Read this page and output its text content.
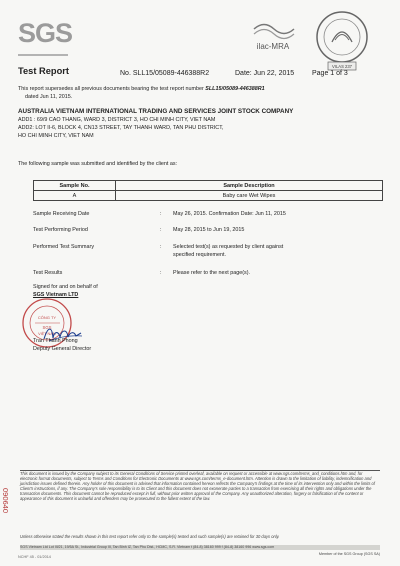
SGS	ilac-MRA
VILAS 237
Test Report	No. SLL15/05089-446388R2	Date: Jun 22, 2015	Page 1 of 3
This report supersedes all previous documents bearing the test report number SLL15/05089-446388R1
dated Jun 11, 2015.
AUSTRALIA VIETNAM INTERNATIONAL TRADING AND SERVICES JOINT STOCK COMPANY
ADD1 : 69/9 CAO THANG, WARD 3, DISTRICT 3, HO CHI MINH CITY, VIET NAM
ADD2: LOT II-6, BLOCK 4, CN13 STREET, TAY THANH WARD, TAN PHU DISTRICT,
HO CHI MINH CITY, VIET NAM
The following sample was submitted and identified by the client as:
Sample No.	Sample Description
A	Baby care Wet Wipes
Sample Receiving Date	: May 26, 2015. Confirmation Date: Jun 11, 2015
Test Performing Period	: May 28, 2015 to Jun 19, 2015
Performed Test Summary	: Selected test(s) as requested by client against
specified requirement.
Test Results	: Please refer to the next page(s).
Signed for and on behalf of
SGS Vietnam LTD
CÔNG TY
SGS
VIỆT NAM
Tran Thanh Phong
Deputy General Director
This document is issued by the Company subject to its General Conditions of Service printed overleaf, available on request or accessible at www.sgs.com/terms_and_conditions.htm and, for electronic format documents, subject to Terms and Conditions for Electronic Documents at www.sgs.com/terms_e-document.htm. Attention is drawn to the limitation of liability, indemnification and jurisdiction issues defined therein. Any holder of this document is advised that information contained hereon reflects the Company's findings at the time of its intervention only and within the limits of Client's instructions, if any. The Company's sole responsibility is to its Client and this document does not exonerate parties to a transaction from exercising all their rights and obligations under the transaction documents. This document cannot be reproduced except in full, without prior written approval of the Company. Any unauthorized alteration, forgery or falsification of the content or appearance of this document is unlawful and offenders may be prosecuted to the fullest extent of the law.
Unless otherwise stated the results shown in this test report refer only to the sample(s) tested and such sample(s) are retained for 30 days only.
SGS Vietnam Ltd Lot III/21, 19/5A St., Industrial Group III, Tan Binh IZ, Tan Phu Dist., HCMC, S.R. Vietnam t (84-8) 38160 999 f (84-8) 38160 996 www.sgs.com
Member of the SGS Group (SGS SA)
090640
NCHF 45 - 01/2014
